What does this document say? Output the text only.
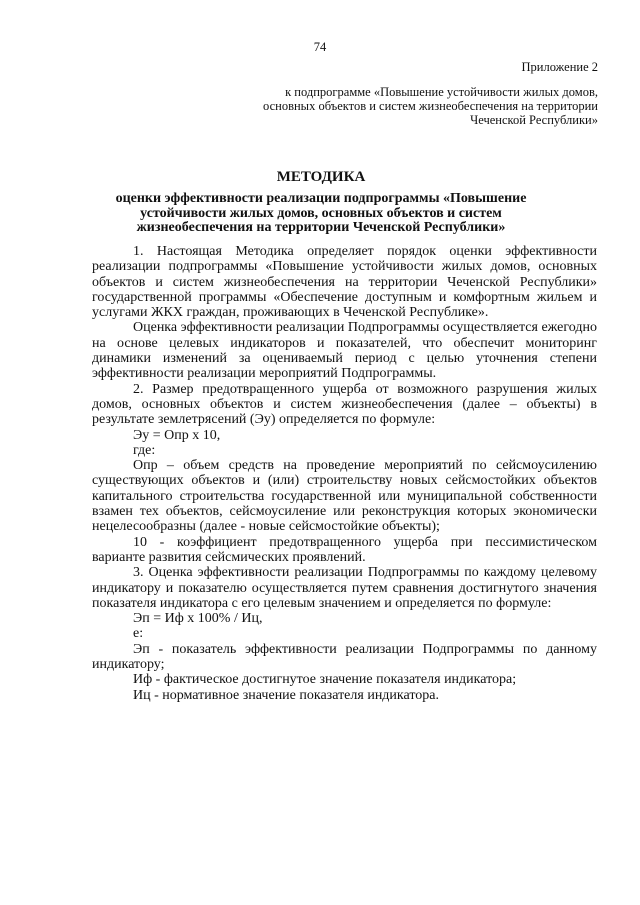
74
Приложение 2
к подпрограмме «Повышение устойчивости жилых домов, основных объектов и систем жизнеобеспечения на территории Чеченской Республики»
МЕТОДИКА
оценки эффективности реализации подпрограммы «Повышение устойчивости жилых домов, основных объектов и систем жизнеобеспечения на территории Чеченской Республики»

1. Настоящая Методика определяет порядок оценки эффективности реализации подпрограммы «Повышение устойчивости жилых домов, основных объектов и систем жизнеобеспечения на территории Чеченской Республики» государственной программы «Обеспечение доступным и комфортным жильем и услугами ЖКХ граждан, проживающих в Чеченской Республике».

Оценка эффективности реализации Подпрограммы осуществляется ежегодно на основе целевых индикаторов и показателей, что обеспечит мониторинг динамики изменений за оцениваемый период с целью уточнения степени эффективности реализации мероприятий Подпрограммы.

2. Размер предотвращенного ущерба от возможного разрушения жилых домов, основных объектов и систем жизнеобеспечения (далее – объекты) в результате землетрясений (Эу) определяется по формуле:

Эу = Опр х 10,

где:

Опр – объем средств на проведение мероприятий по сейсмоусилению существующих объектов и (или) строительству новых сейсмостойких объектов капитального строительства государственной или муниципальной собственности взамен тех объектов, сейсмоусиление или реконструкция которых экономически нецелесообразны (далее - новые сейсмостойкие объекты);

10 - коэффициент предотвращенного ущерба при пессимистическом варианте развития сейсмических проявлений.

3. Оценка эффективности реализации Подпрограммы по каждому целевому индикатору и показателю осуществляется путем сравнения достигнутого значения показателя индикатора с его целевым значением и определяется по формуле:

Эп = Иф х 100% / Иц,

е:

Эп - показатель эффективности реализации Подпрограммы по данному индикатору;

Иф - фактическое достигнутое значение показателя индикатора;

Иц - нормативное значение показателя индикатора.
